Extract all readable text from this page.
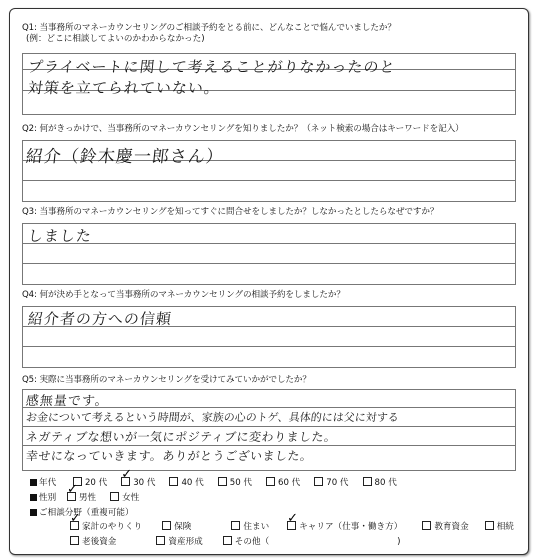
Q1: 当事務所のマネーカウンセリングのご相談予約をとる前に、どんなことで悩んでいましたか？
(例：どこに相談してよいのかわからなかった)
プライベートに関して考えることがりなかったのと
対策を立てられていない。
Q2: 何がきっかけで、当事務所のマネーカウンセリングを知りましたか？（ネット検索の場合はキーワードを記入）
紹介（鈴木慶一郎さん）
Q3: 当事務所のマネーカウンセリングを知ってすぐに問合せをしましたか？しなかったとしたらなぜですか？
しました
Q4: 何が決め手となって当事務所のマネーカウンセリングの相談予約をしましたか？
紹介者の方への信頼
Q5: 実際に当事務所のマネーカウンセリングを受けてみていかがでしたか？
感無量です。
お金について考えるという時間が、家族の心のトゲ、具体的には父に対する
ネガティブな想いが一気にポジティブに変わりました。
幸せになっていきます。ありがとうございました。
年代	20 代 ✓	30 代	40 代	50 代	60 代	70 代	80 代
性別 ✓	男性	女性
ご相談分野（重複可能）
✓家計のやりくり	保険	住まい ✓	キャリア（仕事・働き方）	教育資金	相続
老後資金	資産形成	その他（	)
